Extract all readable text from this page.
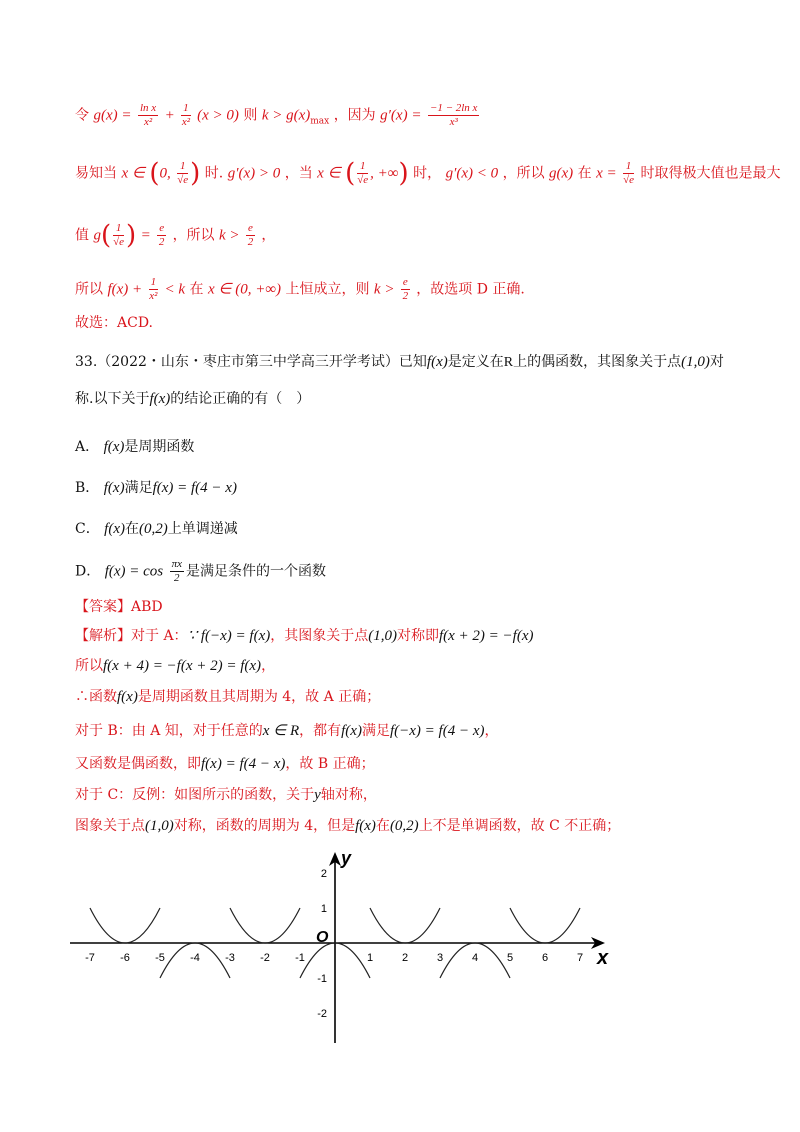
令 $g(x) = \frac{\text{ln x}}{\text{x²}} + \frac{1}{\text{x²}} (x > 0)$ 则 $k > g(x)_{max}$ ，因为 $g'(x) = \frac{\text{−1 − 2ln x}}{\text{x³}}$
易知当 x ∈ (0, $\frac{1}{√e}$ ) 时. g′(x) > 0 ，当 x ∈ ( $\frac{1}{√e}$ , +∞) 时， g′(x) < 0 ，所以 g(x) 在 $x = \frac{1}{√e}$ 时取得极大值也是最大
值 $g( \frac{1}{√e}$ ) = $\frac{e}{2}$ ，所以 $k > \frac{e}{2}$ ，
所以 $f(x) + \frac{1}{\text{x²}} < k$ 在 x ∈ (0, +∞) 上恒成立，则 $k > \frac{e}{2}$ ，故选项 D 正确.
故选：ACD.
33.（2022・山东・枣庄市第三中学高三开学考试）已知f(x)是定义在R上的偶函数，其图象关于点(1,0)对
称.以下关于f(x)的结论正确的有（　）
A． f(x)是周期函数
B． f(x)满足f(x) = f(4 − x)
C． f(x)在(0,2)上单调递减
D． $f(x) = \cos \frac{\pi x}{2}$ 是满足条件的一个函数
【答案】ABD
【解析】对于 A：∵ f(−x) = f(x)，其图象关于点(1,0)对称即f(x + 2) = −f(x)
所以f(x + 4) = −f(x + 2) = f(x)，
∴函数f(x)是周期函数且其周期为 4，故 A 正确；
对于 B：由 A 知，对于任意的x ∈ R，都有f(x)满足f(−x) = f(4 − x)，
又函数是偶函数，即f(x) = f(4 − x)，故 B 正确；
对于 C：反例：如图所示的函数，关于y轴对称，
图象关于点(1,0)对称，函数的周期为 4，但是f(x)在(0,2)上不是单调函数，故 C 不正确；
x
y
O
-7 -6 -5 -4 -3 -2 -1	1	2	3	4	5	6	7
2
1
-1
-2
